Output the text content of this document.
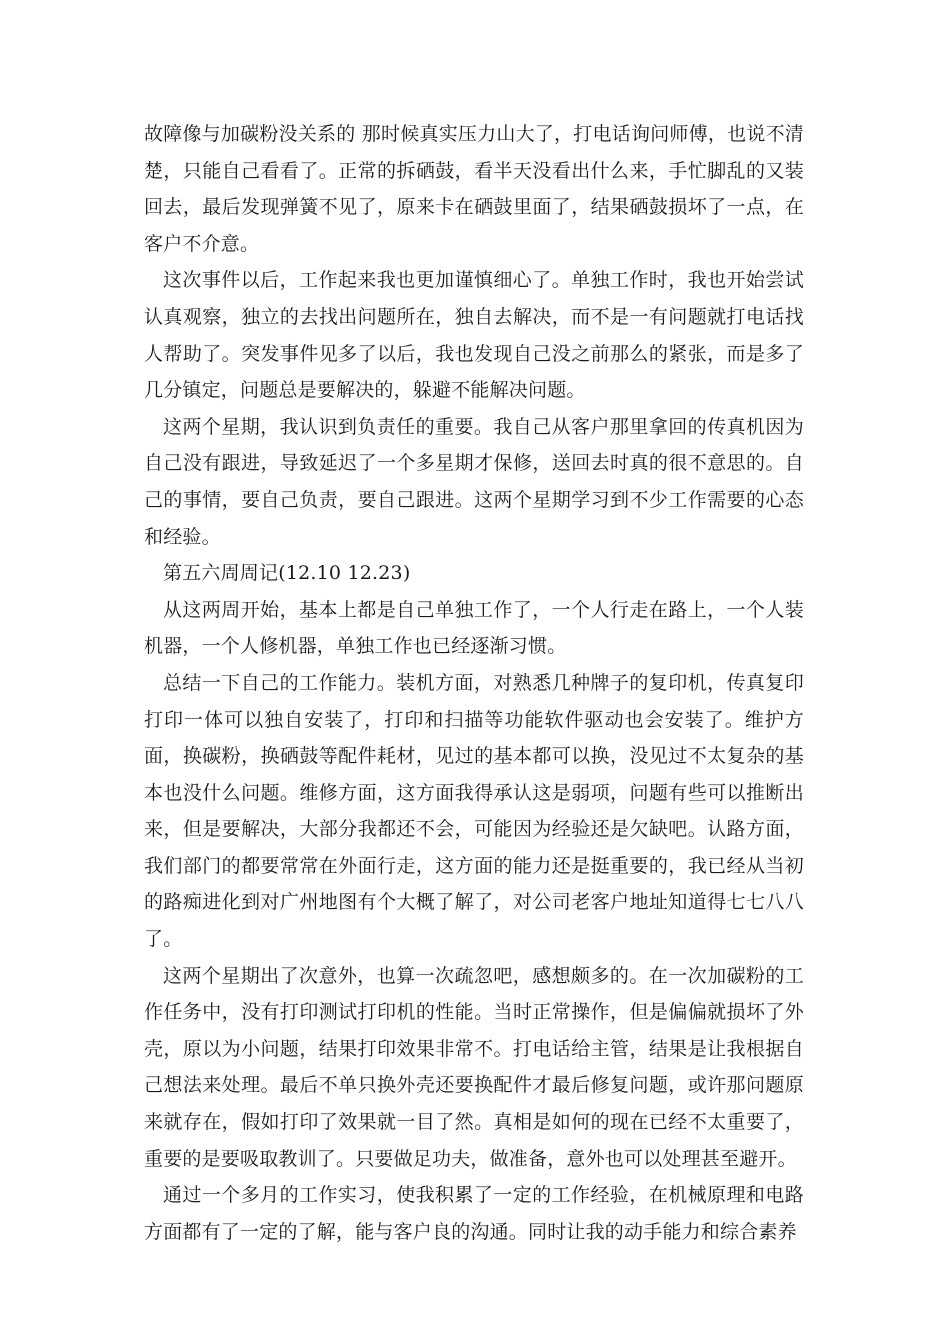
故障像与加碳粉没关系的 那时候真实压力山大了，打电话询问师傅，也说不清楚，只能自己看看了。正常的拆硒鼓，看半天没看出什么来，手忙脚乱的又装回去，最后发现弹簧不见了，原来卡在硒鼓里面了，结果硒鼓损坏了一点，在客户不介意。

这次事件以后，工作起来我也更加谨慎细心了。单独工作时，我也开始尝试认真观察，独立的去找出问题所在，独自去解决，而不是一有问题就打电话找人帮助了。突发事件见多了以后，我也发现自己没之前那么的紧张，而是多了几分镇定，问题总是要解决的，躲避不能解决问题。

这两个星期，我认识到负责任的重要。我自己从客户那里拿回的传真机因为自己没有跟进，导致延迟了一个多星期才保修，送回去时真的很不意思的。自己的事情，要自己负责，要自己跟进。这两个星期学习到不少工作需要的心态和经验。

第五六周周记(12.10 12.23)

从这两周开始，基本上都是自己单独工作了，一个人行走在路上，一个人装机器，一个人修机器，单独工作也已经逐渐习惯。

总结一下自己的工作能力。装机方面，对熟悉几种牌子的复印机，传真复印打印一体可以独自安装了，打印和扫描等功能软件驱动也会安装了。维护方面，换碳粉，换硒鼓等配件耗材，见过的基本都可以换，没见过不太复杂的基本也没什么问题。维修方面，这方面我得承认这是弱项，问题有些可以推断出来，但是要解决，大部分我都还不会，可能因为经验还是欠缺吧。认路方面，我们部门的都要常常在外面行走，这方面的能力还是挺重要的，我已经从当初的路痴进化到对广州地图有个大概了解了，对公司老客户地址知道得七七八八了。

这两个星期出了次意外，也算一次疏忽吧，感想颇多的。在一次加碳粉的工作任务中，没有打印测试打印机的性能。当时正常操作，但是偏偏就损坏了外壳，原以为小问题，结果打印效果非常不。打电话给主管，结果是让我根据自己想法来处理。最后不单只换外壳还要换配件才最后修复问题，或许那问题原来就存在，假如打印了效果就一目了然。真相是如何的现在已经不太重要了，重要的是要吸取教训了。只要做足功夫，做准备，意外也可以处理甚至避开。

通过一个多月的工作实习，使我积累了一定的工作经验，在机械原理和电路方面都有了一定的了解，能与客户良的沟通。同时让我的动手能力和综合素养
